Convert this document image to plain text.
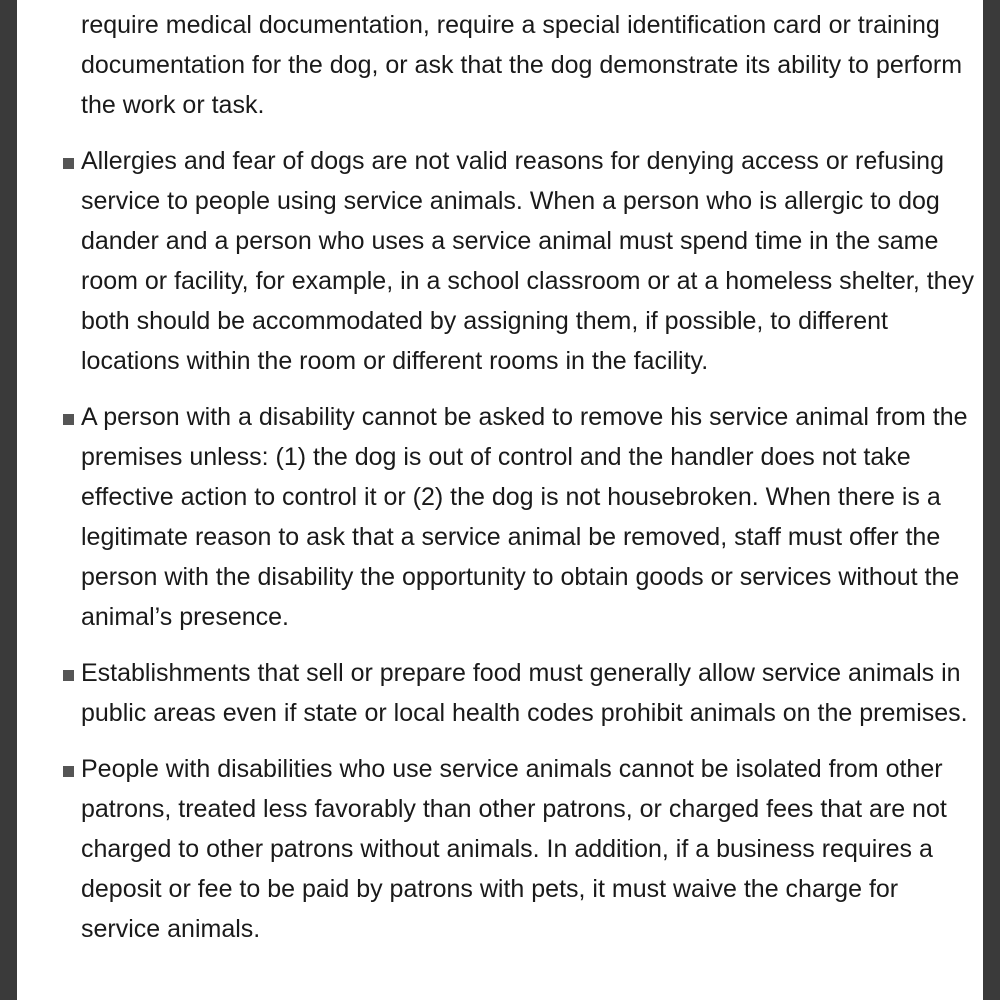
require medical documentation, require a special identification card or training documentation for the dog, or ask that the dog demonstrate its ability to perform the work or task.
Allergies and fear of dogs are not valid reasons for denying access or refusing service to people using service animals. When a person who is allergic to dog dander and a person who uses a service animal must spend time in the same room or facility, for example, in a school classroom or at a homeless shelter, they both should be accommodated by assigning them, if possible, to different locations within the room or different rooms in the facility.
A person with a disability cannot be asked to remove his service animal from the premises unless: (1) the dog is out of control and the handler does not take effective action to control it or (2) the dog is not housebroken. When there is a legitimate reason to ask that a service animal be removed, staff must offer the person with the disability the opportunity to obtain goods or services without the animal’s presence.
Establishments that sell or prepare food must generally allow service animals in public areas even if state or local health codes prohibit animals on the premises.
People with disabilities who use service animals cannot be isolated from other patrons, treated less favorably than other patrons, or charged fees that are not charged to other patrons without animals. In addition, if a business requires a deposit or fee to be paid by patrons with pets, it must waive the charge for service animals.
